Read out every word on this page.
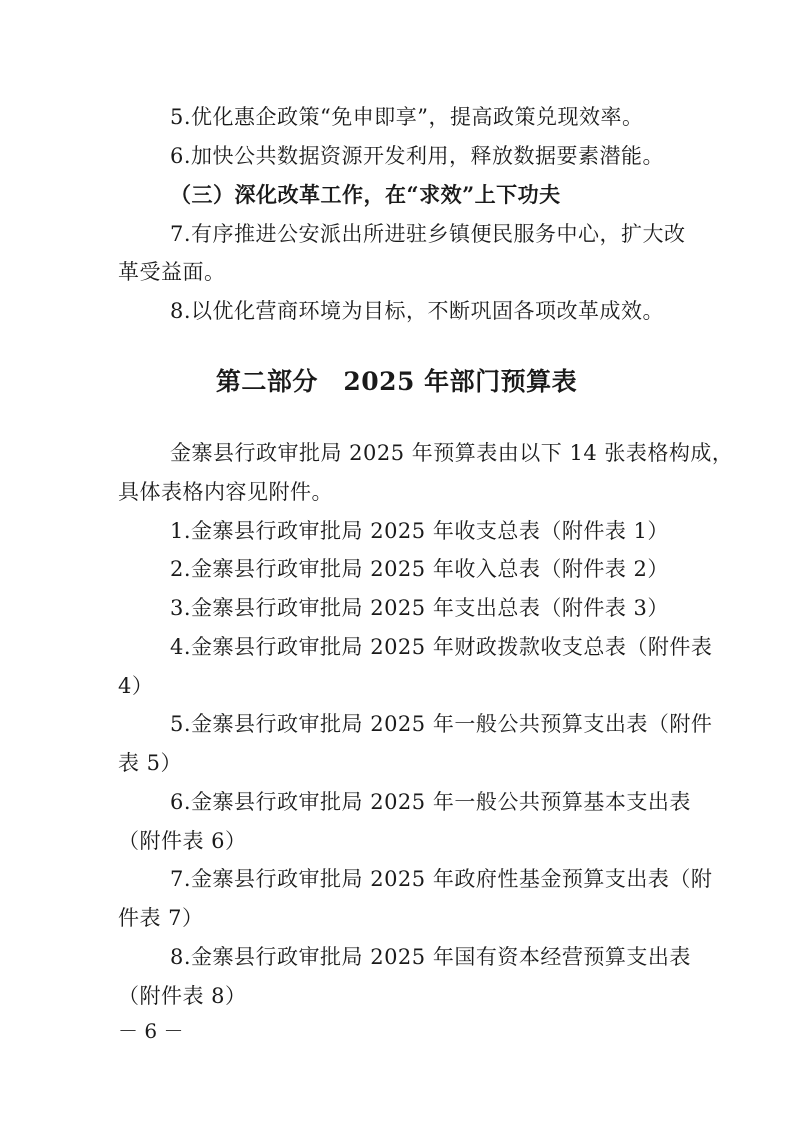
5.优化惠企政策“免申即享”，提高政策兑现效率。
6.加快公共数据资源开发利用，释放数据要素潜能。
（三）深化改革工作，在“求效”上下功夫
7.有序推进公安派出所进驻乡镇便民服务中心，扩大改
革受益面。
8.以优化营商环境为目标，不断巩固各项改革成效。
第二部分　2025 年部门预算表
金寨县行政审批局 2025 年预算表由以下 14 张表格构成，
具体表格内容见附件。
1.金寨县行政审批局 2025 年收支总表（附件表 1）
2.金寨县行政审批局 2025 年收入总表（附件表 2）
3.金寨县行政审批局 2025 年支出总表（附件表 3）
4.金寨县行政审批局 2025 年财政拨款收支总表（附件表
4）
5.金寨县行政审批局 2025 年一般公共预算支出表（附件
表 5）
6.金寨县行政审批局 2025 年一般公共预算基本支出表
（附件表 6）
7.金寨县行政审批局 2025 年政府性基金预算支出表（附
件表 7）
8.金寨县行政审批局 2025 年国有资本经营预算支出表
（附件表 8）
－ 6 －
